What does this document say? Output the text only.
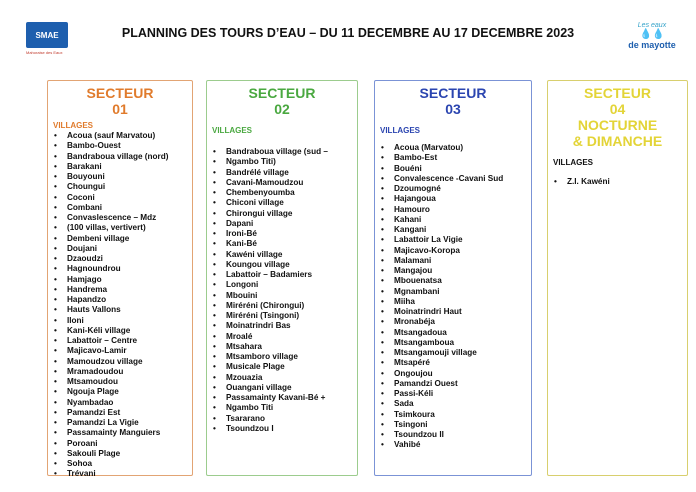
SMAE
Mahoraise des Eaux
PLANNING DES TOURS D’EAU – DU 11 DECEMBRE AU 17 DECEMBRE 2023
Les eaux
💧💧
de mayotte
SECTEUR
01
VILLAGES
• Acoua (sauf Marvatou)
• Bambo-Ouest
• Bandraboua village (nord)
• Barakani
• Bouyouni
• Choungui
• Coconi
• Combani
• Convaslescence – Mdz
• (100 villas, vertivert)
• Dembeni village
• Doujani
• Dzaoudzi
• Hagnoundrou
• Hamjago
• Handrema
• Hapandzo
• Hauts Vallons
• Iloni
• Kani-Kéli village
• Labattoir – Centre
• Majicavo-Lamir
• Mamoudzou village
• Mramadoudou
• Mtsamoudou
• Ngouja Plage
• Nyambadao
• Pamandzi Est
• Pamandzi La Vigie
• Passamainty Manguiers
• Poroani
• Sakouli Plage
• Sohoa
• Trévani
SECTEUR
02
VILLAGES
• Bandraboua village (sud –
• Ngambo Titi)
• Bandrélé village
• Cavani-Mamoudzou
• Chembenyoumba
• Chiconi village
• Chirongui village
• Dapani
• Ironi-Bé
• Kani-Bé
• Kawéni village
• Koungou village
• Labattoir – Badamiers
• Longoni
• Mbouini
• Miréréni (Chirongui)
• Miréréni (Tsingoni)
• Moinatrindri Bas
• Mroalé
• Mtsahara
• Mtsamboro village
• Musicale Plage
• Mzouazia
• Ouangani village
• Passamainty Kavani-Bé +
• Ngambo Titi
• Tsararano
• Tsoundzou I
SECTEUR
03
VILLAGES
• Acoua (Marvatou)
• Bambo-Est
• Bouéni
• Convalescence -Cavani Sud
• Dzoumogné
• Hajangoua
• Hamouro
• Kahani
• Kangani
• Labattoir La Vigie
• Majicavo-Koropa
• Malamani
• Mangajou
• Mbouenatsa
• Mgnambani
• Miiha
• Moinatrindri Haut
• Mronabéja
• Mtsangadoua
• Mtsangamboua
• Mtsangamouji village
• Mtsapéré
• Ongoujou
• Pamandzi Ouest
• Passi-Kéli
• Sada
• Tsimkoura
• Tsingoni
• Tsoundzou II
• Vahibé
SECTEUR
04
NOCTURNE
& DIMANCHE
VILLAGES
• Z.I. Kawéni
